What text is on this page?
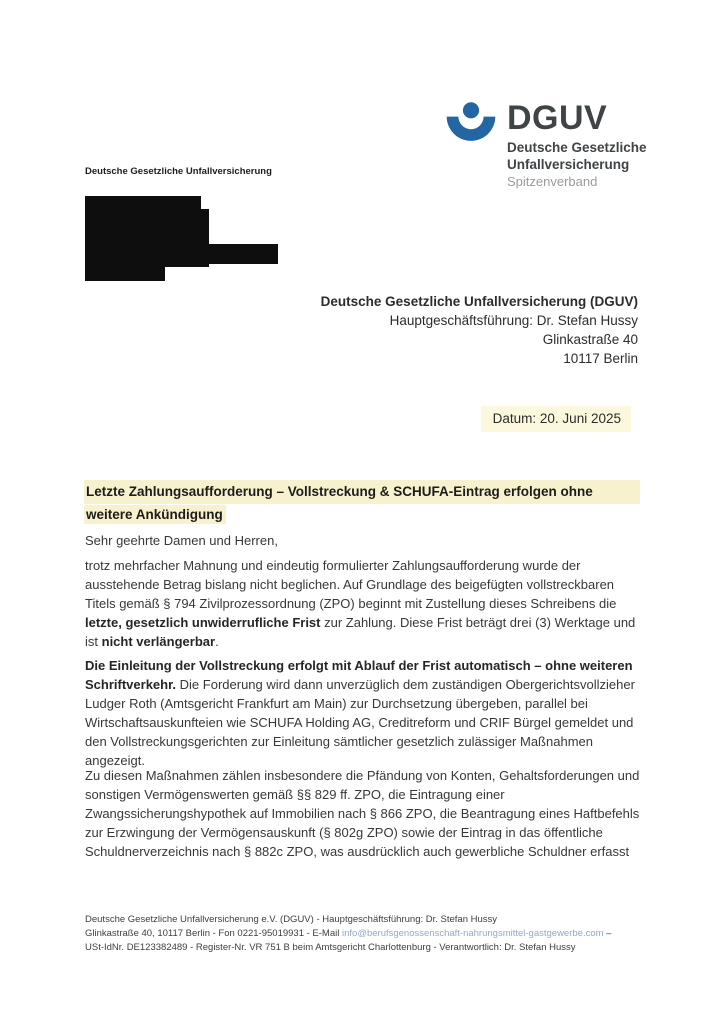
DGUV
Deutsche Gesetzliche
Unfallversicherung
Spitzenverband
Deutsche Gesetzliche Unfallversicherung
Deutsche Gesetzliche Unfallversicherung (DGUV)
Hauptgeschäftsführung: Dr. Stefan Hussy
Glinkastraße 40
10117 Berlin
Datum: 20. Juni 2025
Letzte Zahlungsaufforderung – Vollstreckung & SCHUFA-Eintrag erfolgen ohne
weitere Ankündigung

Sehr geehrte Damen und Herren,

trotz mehrfacher Mahnung und eindeutig formulierter Zahlungsaufforderung wurde der ausstehende Betrag bislang nicht beglichen. Auf Grundlage des beigefügten vollstreckbaren Titels gemäß § 794 Zivilprozessordnung (ZPO) beginnt mit Zustellung dieses Schreibens die letzte, gesetzlich unwiderrufliche Frist zur Zahlung. Diese Frist beträgt drei (3) Werktage und ist nicht verlängerbar.

Die Einleitung der Vollstreckung erfolgt mit Ablauf der Frist automatisch – ohne weiteren Schriftverkehr. Die Forderung wird dann unverzüglich dem zuständigen Obergerichtsvollzieher Ludger Roth (Amtsgericht Frankfurt am Main) zur Durchsetzung übergeben, parallel bei Wirtschaftsauskunfteien wie SCHUFA Holding AG, Creditreform und CRIF Bürgel gemeldet und den Vollstreckungsgerichten zur Einleitung sämtlicher gesetzlich zulässiger Maßnahmen angezeigt.

Zu diesen Maßnahmen zählen insbesondere die Pfändung von Konten, Gehaltsforderungen und sonstigen Vermögenswerten gemäß §§ 829 ff. ZPO, die Eintragung einer Zwangssicherungshypothek auf Immobilien nach § 866 ZPO, die Beantragung eines Haftbefehls zur Erzwingung der Vermögensauskunft (§ 802g ZPO) sowie der Eintrag in das öffentliche Schuldnerverzeichnis nach § 882c ZPO, was ausdrücklich auch gewerbliche Schuldner erfasst

Deutsche Gesetzliche Unfallversicherung e.V. (DGUV) - Hauptgeschäftsführung: Dr. Stefan Hussy
Glinkastraße 40, 10117 Berlin - Fon 0221-95019931 - E-Mail info@berufsgenossenschaft-nahrungsmittel-gastgewerbe.com –
USt-IdNr. DE123382489 - Register-Nr. VR 751 B beim Amtsgericht Charlottenburg - Verantwortlich: Dr. Stefan Hussy
